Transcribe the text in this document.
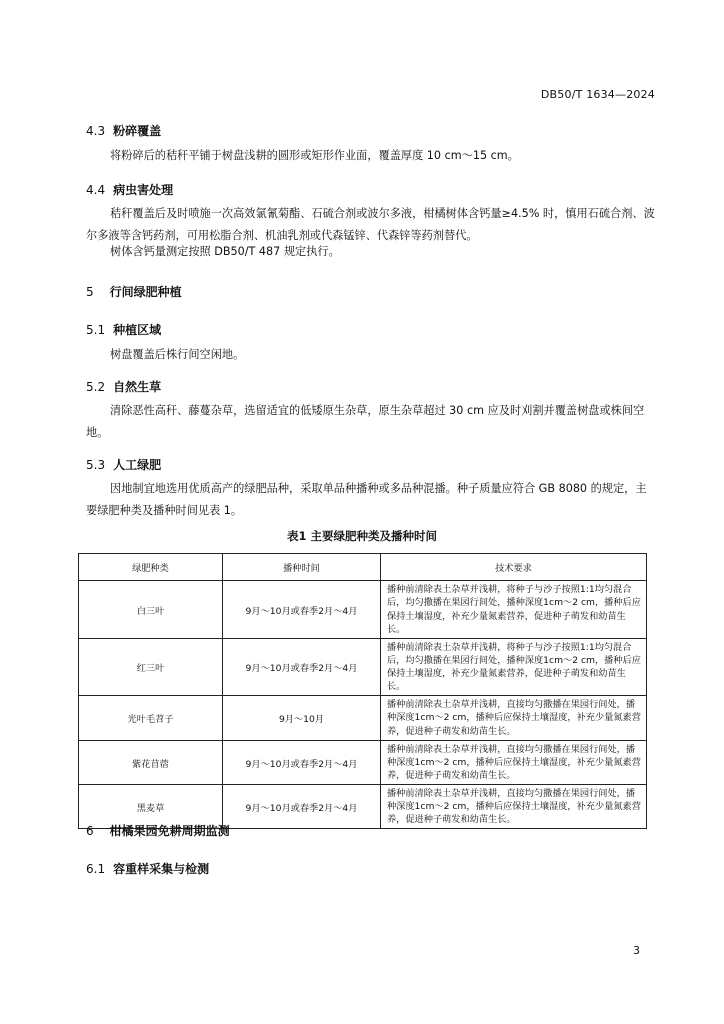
DB50/T 1634—2024
4.3 粉碎覆盖
将粉碎后的秸秆平铺于树盘浅耕的圆形或矩形作业面，覆盖厚度 10 cm～15 cm。
4.4 病虫害处理
秸秆覆盖后及时喷施一次高效氯氰菊酯、石硫合剂或波尔多液，柑橘树体含钙量≥4.5% 时，慎用石硫合剂、波尔多液等含钙药剂，可用松脂合剂、机油乳剂或代森锰锌、代森锌等药剂替代。
树体含钙量测定按照 DB50/T 487 规定执行。
5 行间绿肥种植
5.1 种植区域
树盘覆盖后株行间空闲地。
5.2 自然生草
清除恶性高秆、藤蔓杂草，选留适宜的低矮原生杂草，原生杂草超过 30 cm 应及时刈割并覆盖树盘或株间空地。
5.3 人工绿肥
因地制宜地选用优质高产的绿肥品种，采取单品种播种或多品种混播。种子质量应符合 GB 8080 的规定，主要绿肥种类及播种时间见表 1。
表1 主要绿肥种类及播种时间
绿肥种类	播种时间	技术要求
白三叶	9月～10月或春季2月～4月	播种前清除表土杂草并浅耕，将种子与沙子按照1:1均匀混合后，均匀撒播在果园行间处，播种深度1cm～2 cm，播种后应保持土壤湿度，补充少量氮素营养，促进种子萌发和幼苗生长。
红三叶	9月～10月或春季2月～4月	播种前清除表土杂草并浅耕，将种子与沙子按照1:1均匀混合后，均匀撒播在果园行间处，播种深度1cm～2 cm，播种后应保持土壤湿度，补充少量氮素营养，促进种子萌发和幼苗生长。
光叶毛苕子	9月～10月	播种前清除表土杂草并浅耕，直接均匀撒播在果园行间处，播种深度1cm～2 cm，播种后应保持土壤湿度，补充少量氮素营养，促进种子萌发和幼苗生长。
紫花苜蓿	9月～10月或春季2月～4月	播种前清除表土杂草并浅耕，直接均匀撒播在果园行间处，播种深度1cm～2 cm，播种后应保持土壤湿度，补充少量氮素营养，促进种子萌发和幼苗生长。
黑麦草	9月～10月或春季2月～4月	播种前清除表土杂草并浅耕，直接均匀撒播在果园行间处，播种深度1cm～2 cm，播种后应保持土壤湿度，补充少量氮素营养，促进种子萌发和幼苗生长。
6 柑橘果园免耕周期监测
6.1 容重样采集与检测
3
